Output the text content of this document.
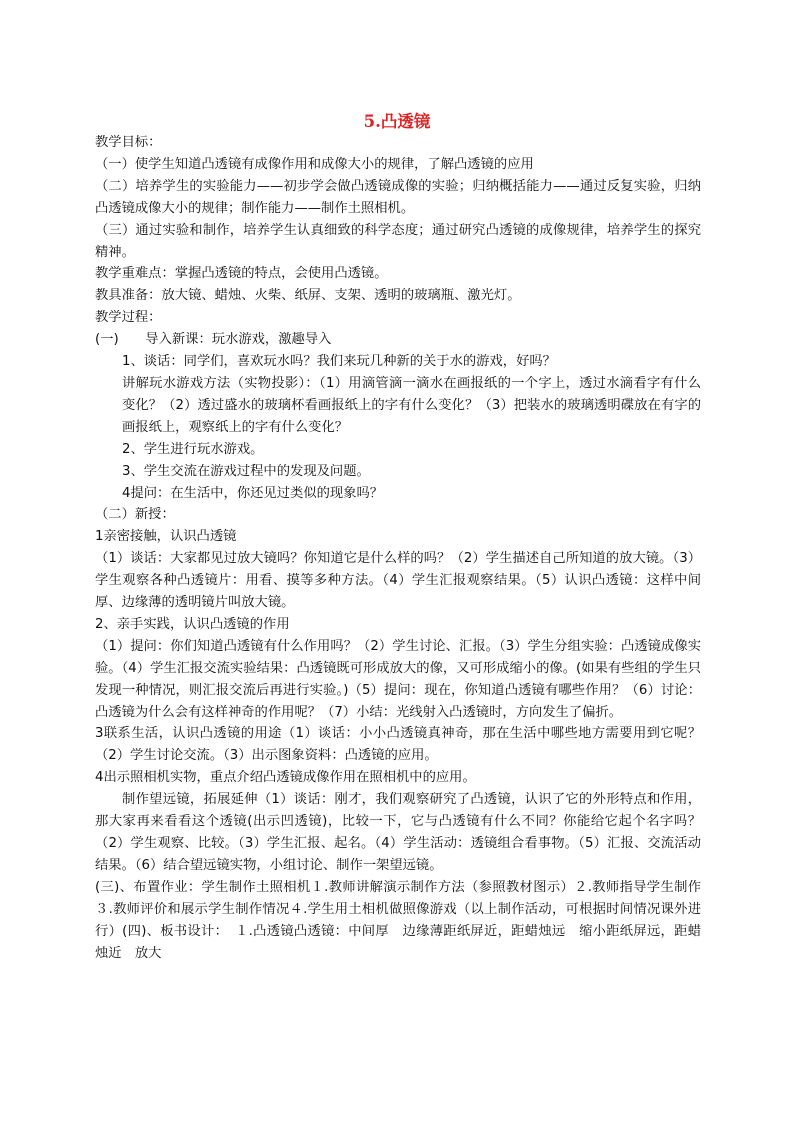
5.凸透镜

教学目标：

（一）使学生知道凸透镜有成像作用和成像大小的规律，了解凸透镜的应用

（二）培养学生的实验能力——初步学会做凸透镜成像的实验；归纳概括能力——通过反复实验，归纳凸透镜成像大小的规律；制作能力——制作土照相机。

（三）通过实验和制作，培养学生认真细致的科学态度；通过研究凸透镜的成像规律，培养学生的探究精神。

教学重难点：掌握凸透镜的特点，会使用凸透镜。

教具准备：放大镜、蜡烛、火柴、纸屏、支架、透明的玻璃瓶、激光灯。

教学过程：

(一)　　导入新课：玩水游戏，激趣导入

1、谈话：同学们，喜欢玩水吗？我们来玩几种新的关于水的游戏，好吗？

讲解玩水游戏方法（实物投影）：（1）用滴管滴一滴水在画报纸的一个字上，透过水滴看字有什么变化？（2）透过盛水的玻璃杯看画报纸上的字有什么变化？（3）把装水的玻璃透明碟放在有字的画报纸上，观察纸上的字有什么变化？

2、学生进行玩水游戏。

3、学生交流在游戏过程中的发现及问题。

4提问：在生活中，你还见过类似的现象吗？

（二）新授：

1亲密接触，认识凸透镜

（1）谈话：大家都见过放大镜吗？你知道它是什么样的吗？（2）学生描述自己所知道的放大镜。（3）学生观察各种凸透镜片：用看、摸等多种方法。（4）学生汇报观察结果。（5）认识凸透镜：这样中间厚、边缘薄的透明镜片叫放大镜。

2、亲手实践，认识凸透镜的作用

（1）提问：你们知道凸透镜有什么作用吗？（2）学生讨论、汇报。（3）学生分组实验：凸透镜成像实验。（4）学生汇报交流实验结果：凸透镜既可形成放大的像，又可形成缩小的像。(如果有些组的学生只发现一种情况，则汇报交流后再进行实验。)（5）提问：现在，你知道凸透镜有哪些作用？（6）讨论：凸透镜为什么会有这样神奇的作用呢？（7）小结：光线射入凸透镜时，方向发生了偏折。

3联系生活，认识凸透镜的用途（1）谈话：小小凸透镜真神奇，那在生活中哪些地方需要用到它呢？（2）学生讨论交流。（3）出示图象资料：凸透镜的应用。

4出示照相机实物，重点介绍凸透镜成像作用在照相机中的应用。

制作望远镜，拓展延伸（1）谈话：刚才，我们观察研究了凸透镜，认识了它的外形特点和作用，那大家再来看看这个透镜(出示凹透镜)，比较一下，它与凸透镜有什么不同？你能给它起个名字吗？（2）学生观察、比较。（3）学生汇报、起名。（4）学生活动：透镜组合看事物。（5）汇报、交流活动结果。（6）结合望远镜实物，小组讨论、制作一架望远镜。

(三)、布置作业：学生制作土照相机１.教师讲解演示制作方法（参照教材图示）２.教师指导学生制作３.教师评价和展示学生制作情况４.学生用土相机做照像游戏（以上制作活动，可根据时间情况课外进行）(四)、板书设计：　１.凸透镜凸透镜：中间厚　边缘薄距纸屏近，距蜡烛远　缩小距纸屏远，距蜡烛近　放大
